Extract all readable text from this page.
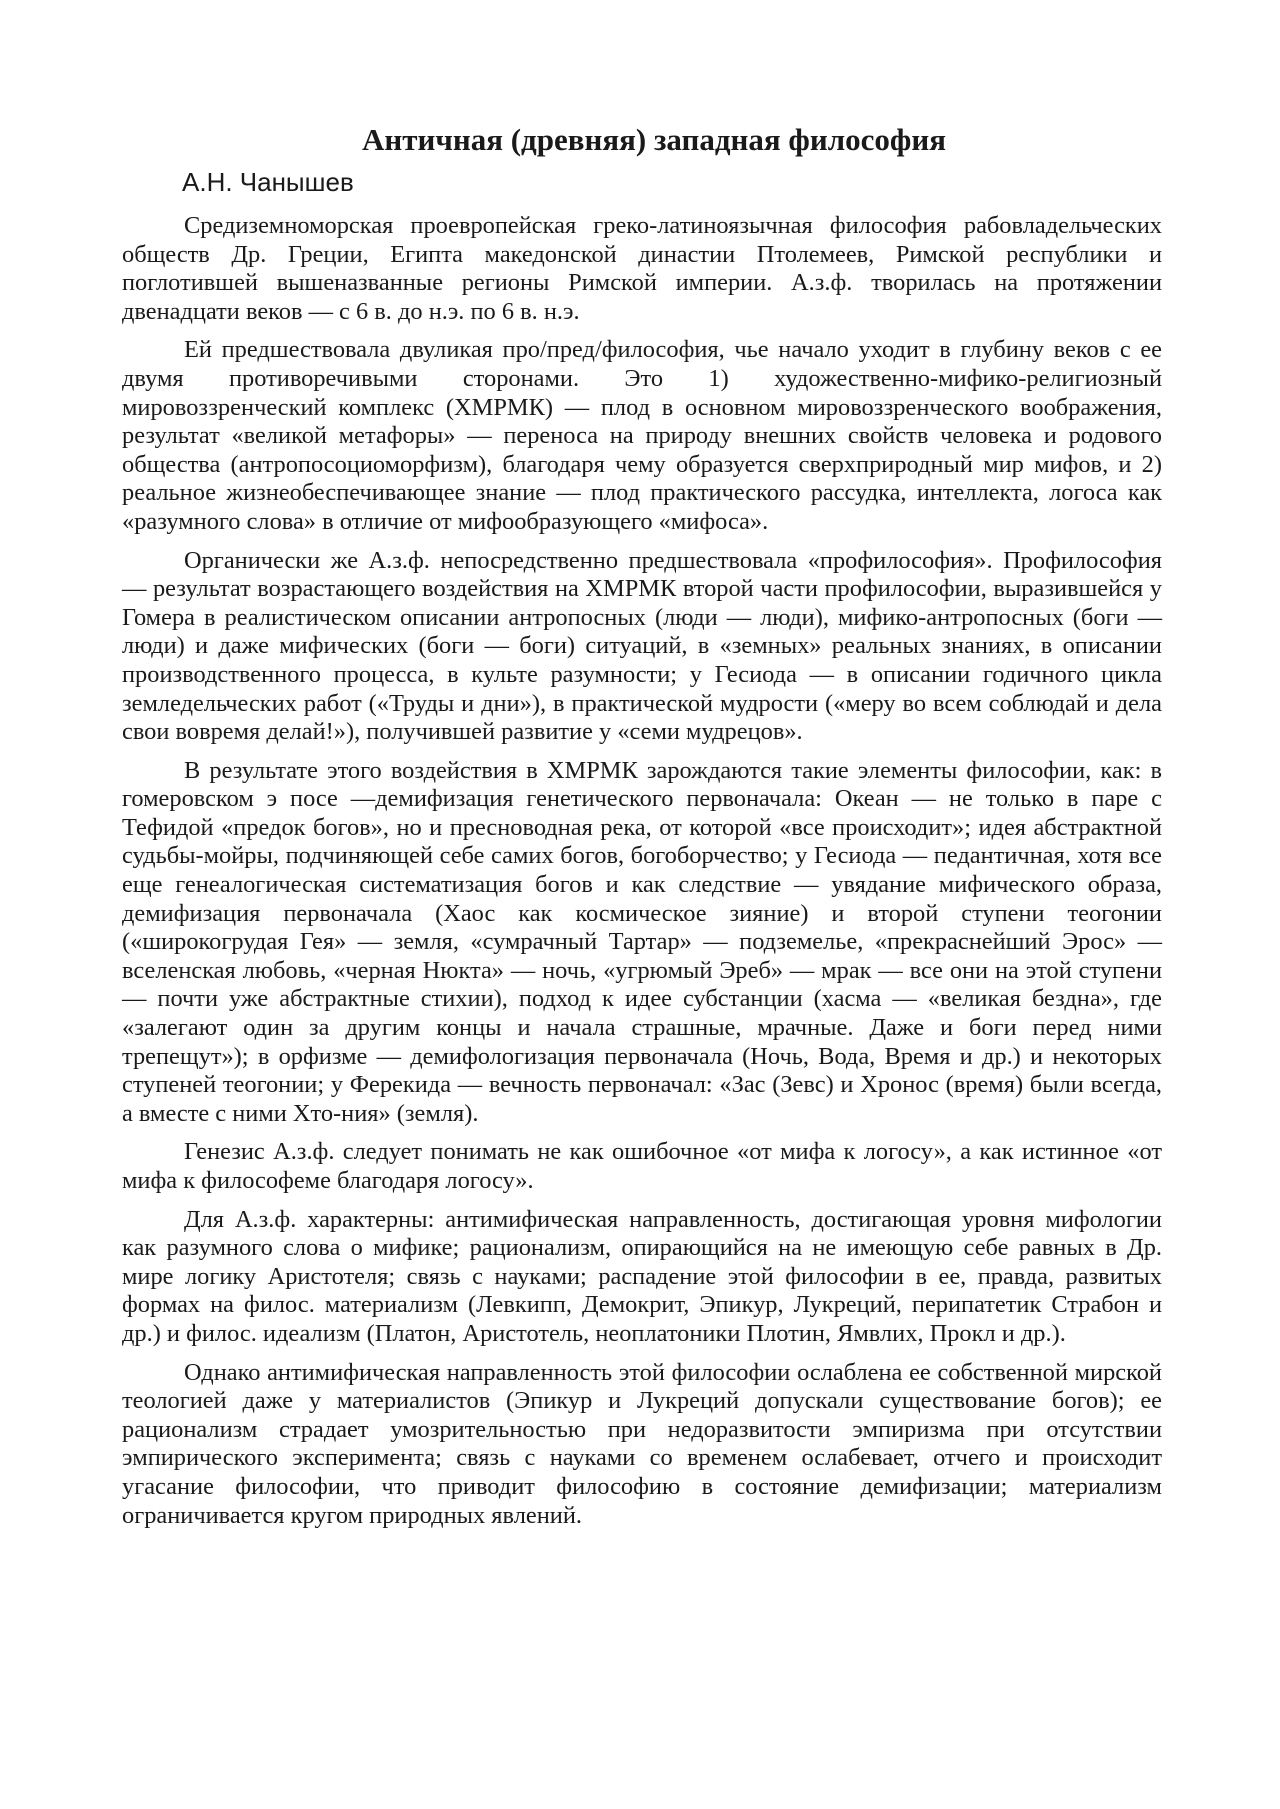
Античная (древняя) западная философия
А.Н. Чанышев

Средиземноморская проевропейская греко-латиноязычная философия рабовладельческих обществ Др. Греции, Египта македонской династии Птолемеев, Римской республики и поглотившей вышеназванные регионы Римской империи. А.з.ф. творилась на протяжении двенадцати веков — с 6 в. до н.э. по 6 в. н.э.

Ей предшествовала двуликая про/пред/философия, чье начало уходит в глубину веков с ее двумя противоречивыми сторонами. Это 1) художественно-мифико-религиозный мировоззренческий комплекс (ХМРМК) — плод в основном мировоззренческого воображения, результат «великой метафоры» — переноса на природу внешних свойств человека и родового общества (антропосоциоморфизм), благодаря чему образуется сверхприродный мир мифов, и 2) реальное жизнеобеспечивающее знание — плод практического рассудка, интеллекта, логоса как «разумного слова» в отличие от мифообразующего «мифоса».

Органически же А.з.ф. непосредственно предшествовала «профилософия». Профилософия — результат возрастающего воздействия на ХМРМК второй части профилософии, выразившейся у Гомера в реалистическом описании антропосных (люди — люди), мифико-антропосных (боги — люди) и даже мифических (боги — боги) ситуаций, в «земных» реальных знаниях, в описании производственного процесса, в культе разумности; у Гесиода — в описании годичного цикла земледельческих работ («Труды и дни»), в практической мудрости («меру во всем соблюдай и дела свои вовремя делай!»), получившей развитие у «семи мудрецов».

В результате этого воздействия в ХМРМК зарождаются такие элементы философии, как: в гомеровском э посе —демифизация генетического первоначала: Океан — не только в паре с Тефидой «предок богов», но и пресноводная река, от которой «все происходит»; идея абстрактной судьбы-мойры, подчиняющей себе самих богов, богоборчество; у Гесиода — педантичная, хотя все еще генеалогическая систематизация богов и как следствие — увядание мифического образа, демифизация первоначала (Хаос как космическое зияние) и второй ступени теогонии («широкогрудая Гея» — земля, «сумрачный Тартар» — подземелье, «прекраснейший Эрос» — вселенская любовь, «черная Нюкта» — ночь, «угрюмый Эреб» — мрак — все они на этой ступени — почти уже абстрактные стихии), подход к идее субстанции (хасма — «великая бездна», где «залегают один за другим концы и начала страшные, мрачные. Даже и боги перед ними трепещут»); в орфизме — демифологизация первоначала (Ночь, Вода, Время и др.) и некоторых ступеней теогонии; у Ферекида — вечность первоначал: «Зас (Зевс) и Хронос (время) были всегда, а вместе с ними Хто-ния» (земля).

Генезис А.з.ф. следует понимать не как ошибочное «от мифа к логосу», а как истинное «от мифа к философеме благодаря логосу».

Для А.з.ф. характерны: антимифическая направленность, достигающая уровня мифологии как разумного слова о мифике; рационализм, опирающийся на не имеющую себе равных в Др. мире логику Аристотеля; связь с науками; распадение этой философии в ее, правда, развитых формах на филос. материализм (Левкипп, Демокрит, Эпикур, Лукреций, перипатетик Страбон и др.) и филос. идеализм (Платон, Аристотель, неоплатоники Плотин, Ямвлих, Прокл и др.).

Однако антимифическая направленность этой философии ослаблена ее собственной мирской теологией даже у материалистов (Эпикур и Лукреций допускали существование богов); ее рационализм страдает умозрительностью при недоразвитости эмпиризма при отсутствии эмпирического эксперимента; связь с науками со временем ослабевает, отчего и происходит угасание философии, что приводит философию в состояние демифизации; материализм ограничивается кругом природных явлений.
